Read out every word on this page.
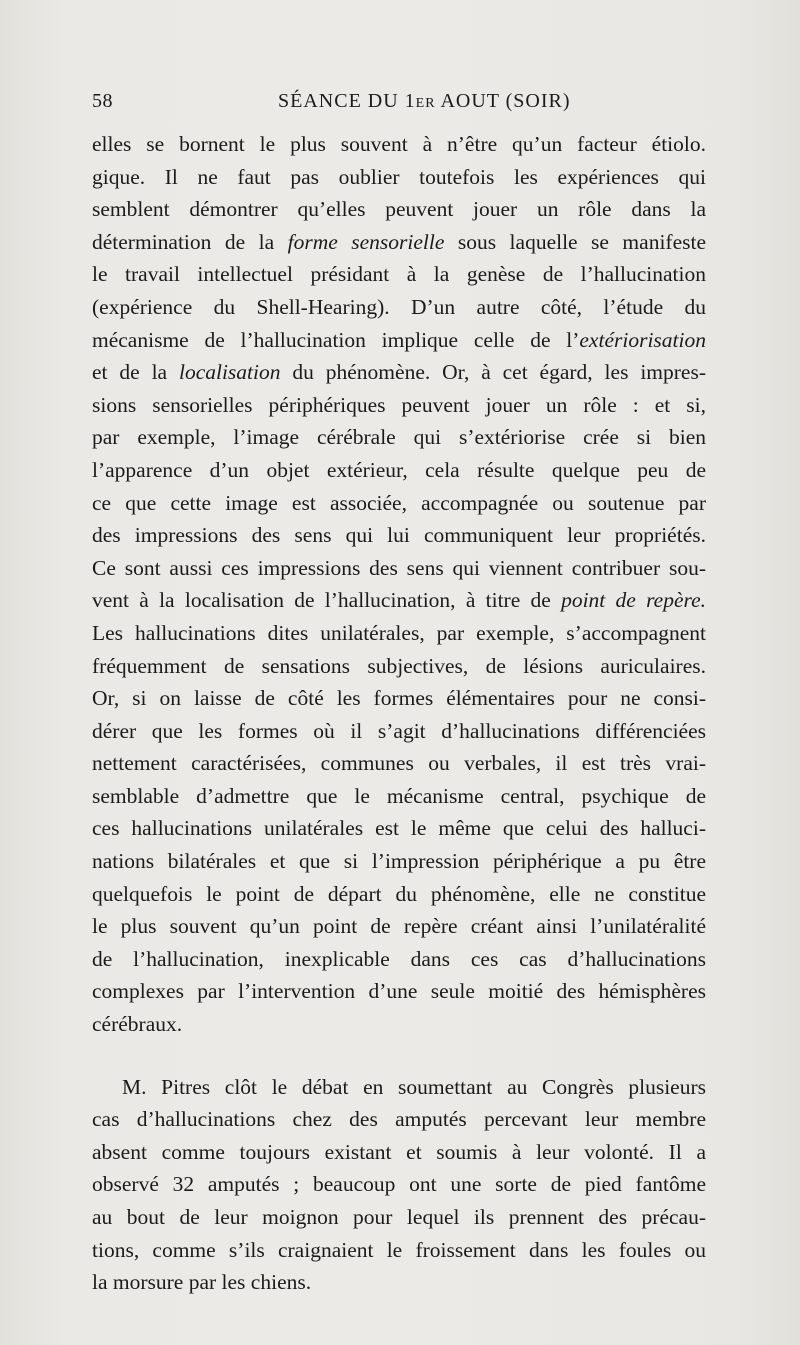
58	SÉANCE DU 1er AOUT (SOIR)
elles se bornent le plus souvent à n’être qu’un facteur étiolo.
gique. Il ne faut pas oublier toutefois les expériences qui
semblent démontrer qu’elles peuvent jouer un rôle dans la
détermination de la forme sensorielle sous laquelle se manifeste
le travail intellectuel présidant à la genèse de l’hallucination
(expérience du Shell-Hearing). D’un autre côté, l’étude du
mécanisme de l’hallucination implique celle de l’extériorisation
et de la localisation du phénomène. Or, à cet égard, les impres-
sions sensorielles périphériques peuvent jouer un rôle : et si,
par exemple, l’image cérébrale qui s’extériorise crée si bien
l’apparence d’un objet extérieur, cela résulte quelque peu de
ce que cette image est associée, accompagnée ou soutenue par
des impressions des sens qui lui communiquent leur propriétés.
Ce sont aussi ces impressions des sens qui viennent contribuer sou-
vent à la localisation de l’hallucination, à titre de point de repère.
Les hallucinations dites unilatérales, par exemple, s’accompagnent
fréquemment de sensations subjectives, de lésions auriculaires.
Or, si on laisse de côté les formes élémentaires pour ne consi-
dérer que les formes où il s’agit d’hallucinations différenciées
nettement caractérisées, communes ou verbales, il est très vrai-
semblable d’admettre que le mécanisme central, psychique de
ces hallucinations unilatérales est le même que celui des halluci-
nations bilatérales et que si l’impression périphérique a pu être
quelquefois le point de départ du phénomène, elle ne constitue
le plus souvent qu’un point de repère créant ainsi l’unilatéralité
de l’hallucination, inexplicable dans ces cas d’hallucinations
complexes par l’intervention d’une seule moitié des hémisphères
cérébraux.
M. Pitres clôt le débat en soumettant au Congrès plusieurs
cas d’hallucinations chez des amputés percevant leur membre
absent comme toujours existant et soumis à leur volonté. Il a
observé 32 amputés ; beaucoup ont une sorte de pied fantôme
au bout de leur moignon pour lequel ils prennent des précau-
tions, comme s’ils craignaient le froissement dans les foules ou
la morsure par les chiens.
